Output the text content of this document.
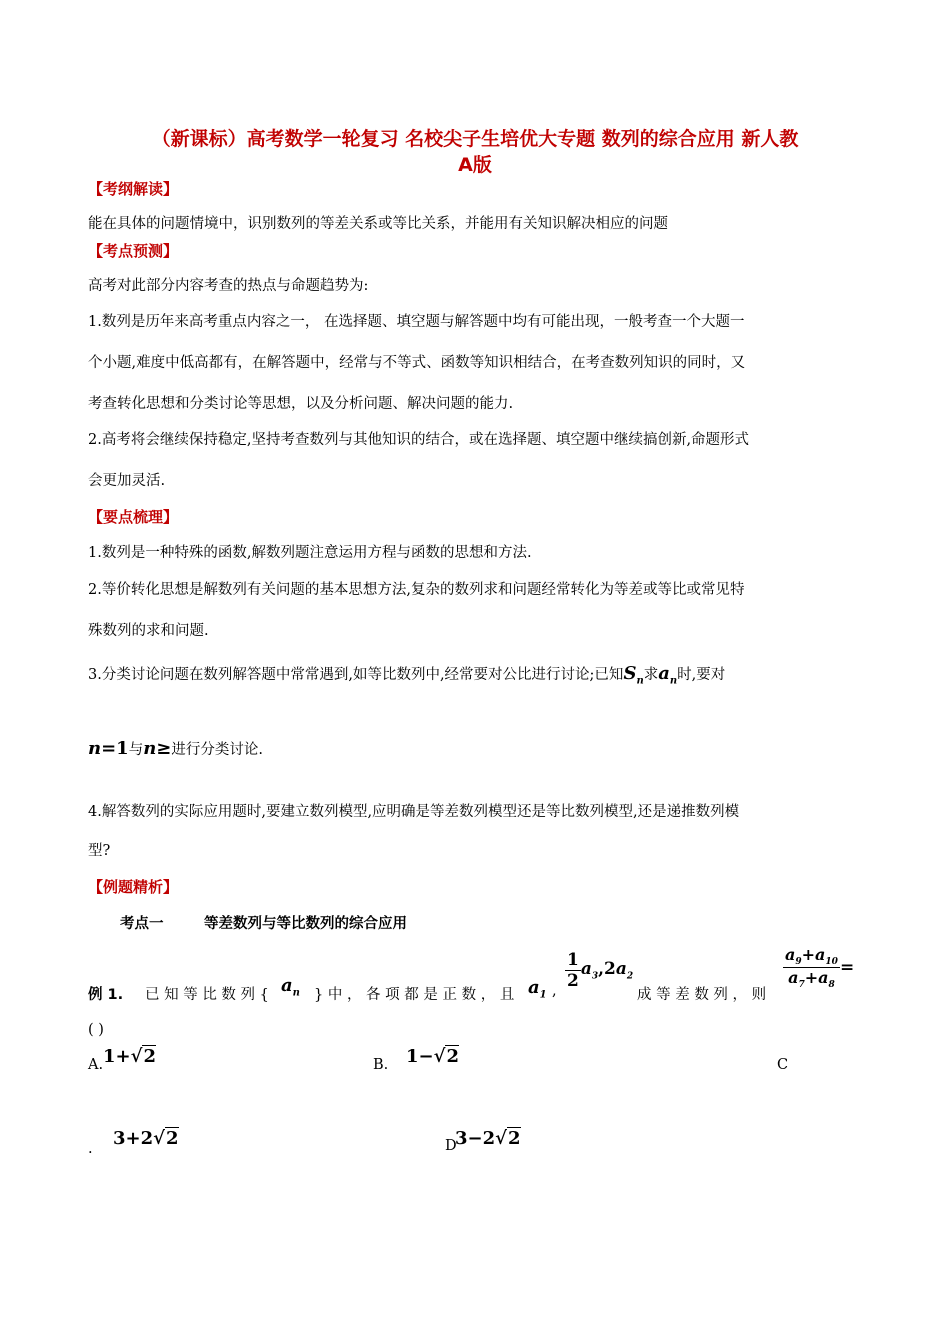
（新课标）高考数学一轮复习 名校尖子生培优大专题 数列的综合应用 新人教
A版
【考纲解读】
能在具体的问题情境中，识别数列的等差关系或等比关系，并能用有关知识解决相应的问题
【考点预测】
高考对此部分内容考查的热点与命题趋势为:
1.数列是历年来高考重点内容之一， 在选择题、填空题与解答题中均有可能出现，一般考查一个大题一
个小题,难度中低高都有，在解答题中，经常与不等式、函数等知识相结合，在考查数列知识的同时，又
考查转化思想和分类讨论等思想，以及分析问题、解决问题的能力.
2.高考将会继续保持稳定,坚持考查数列与其他知识的结合，或在选择题、填空题中继续搞创新,命题形式
会更加灵活.
【要点梳理】
1.数列是一种特殊的函数,解数列题注意运用方程与函数的思想和方法.
2.等价转化思想是解数列有关问题的基本思想方法,复杂的数列求和问题经常转化为等差或等比或常见特
殊数列的求和问题.
3.分类讨论问题在数列解答题中常常遇到,如等比数列中,经常要对公比进行讨论;已知$S_n$求$a_n$时,要对
n=1与n≥进行分类讨论.
4.解答数列的实际应用题时,要建立数列模型,应明确是等差数列模型还是等比数列模型,还是递推数列模
型?
【例题精析】
考点一	等差数列与等比数列的综合应用
例 1. 已 知 等 比 数 列 { $a_n$ } 中 ， 各 项 都 是 正 数 ， 且 $a_1$ , $\frac{1}{2} a_3,2a_2$
成 等 差 数 列 ， 则
$\frac{a_9+a_{10}}{a_7+a_8}$ =
( )
A. 1+√2	B. 1−√2	C
. 3+2√2	D
3−2√2
